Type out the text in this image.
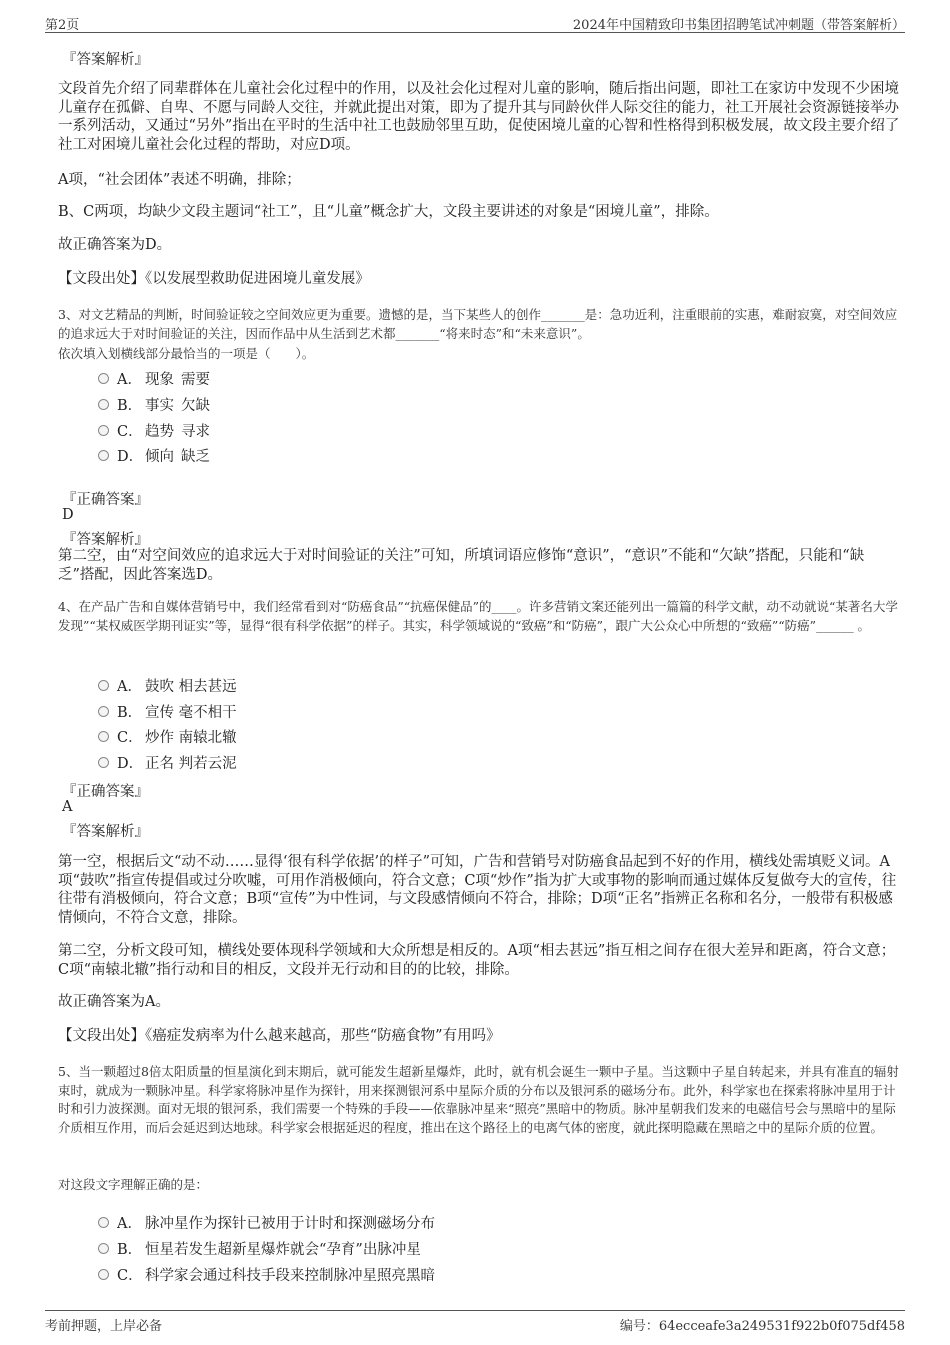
第2页	2024年中国精致印书集团招聘笔试冲刺题（带答案解析）
『答案解析』
文段首先介绍了同辈群体在儿童社会化过程中的作用，以及社会化过程对儿童的影响，随后指出问题，即社工在家访中发现不少困境儿童存在孤僻、自卑、不愿与同龄人交往，并就此提出对策，即为了提升其与同龄伙伴人际交往的能力，社工开展社会资源链接举办一系列活动，又通过“另外”指出在平时的生活中社工也鼓励邻里互助，促使困境儿童的心智和性格得到积极发展，故文段主要介绍了社工对困境儿童社会化过程的帮助，对应D项。
A项，“社会团体”表述不明确，排除；
B、C两项，均缺少文段主题词“社工”，且“儿童”概念扩大，文段主要讲述的对象是“困境儿童”，排除。
故正确答案为D。
【文段出处】《以发展型救助促进困境儿童发展》
3、对文艺精品的判断，时间验证较之空间效应更为重要。遗憾的是，当下某些人的创作_______是：急功近利，注重眼前的实惠，难耐寂寞，对空间效应的追求远大于对时间验证的关注，因而作品中从生活到艺术都_______“将来时态”和“未来意识”。
依次填入划横线部分最恰当的一项是（　　）。
A． 现象 需要
B． 事实 欠缺
C． 趋势 寻求
D． 倾向 缺乏
『正确答案』
D
『答案解析』
第二空，由“对空间效应的追求远大于对时间验证的关注”可知，所填词语应修饰“意识”，“意识”不能和“欠缺”搭配，只能和“缺乏”搭配，因此答案选D。
4、在产品广告和自媒体营销号中，我们经常看到对“防癌食品”“抗癌保健品”的____。许多营销文案还能列出一篇篇的科学文献，动不动就说“某著名大学发现”“某权威医学期刊证实”等，显得“很有科学依据”的样子。其实，科学领域说的“致癌”和“防癌”，跟广大公众心中所想的“致癌”“防癌”______ 。
A． 鼓吹 相去甚远
B． 宣传 毫不相干
C． 炒作 南辕北辙
D． 正名 判若云泥
『正确答案』
A
『答案解析』
第一空，根据后文“动不动……显得‘很有科学依据’的样子”可知，广告和营销号对防癌食品起到不好的作用，横线处需填贬义词。A项“鼓吹”指宣传提倡或过分吹嘘，可用作消极倾向，符合文意；C项“炒作”指为扩大或事物的影响而通过媒体反复做夸大的宣传，往往带有消极倾向，符合文意；B项“宣传”为中性词，与文段感情倾向不符合，排除；D项“正名”指辨正名称和名分，一般带有积极感情倾向，不符合文意，排除。
第二空，分析文段可知，横线处要体现科学领域和大众所想是相反的。A项“相去甚远”指互相之间存在很大差异和距离，符合文意；C项“南辕北辙”指行动和目的相反，文段并无行动和目的的比较，排除。
故正确答案为A。
【文段出处】《癌症发病率为什么越来越高，那些“防癌食物”有用吗》
5、当一颗超过8倍太阳质量的恒星演化到末期后，就可能发生超新星爆炸，此时，就有机会诞生一颗中子星。当这颗中子星自转起来，并具有准直的辐射束时，就成为一颗脉冲星。科学家将脉冲星作为探针，用来探测银河系中星际介质的分布以及银河系的磁场分布。此外，科学家也在探索将脉冲星用于计时和引力波探测。面对无垠的银河系，我们需要一个特殊的手段——依靠脉冲星来“照亮”黑暗中的物质。脉冲星朝我们发来的电磁信号会与黑暗中的星际介质相互作用，而后会延迟到达地球。科学家会根据延迟的程度，推出在这个路径上的电离气体的密度，就此探明隐藏在黑暗之中的星际介质的位置。
对这段文字理解正确的是：
A． 脉冲星作为探针已被用于计时和探测磁场分布
B． 恒星若发生超新星爆炸就会“孕育”出脉冲星
C． 科学家会通过科技手段来控制脉冲星照亮黑暗
考前押题，上岸必备	编号：64ecceafe3a249531f922b0f075df458
